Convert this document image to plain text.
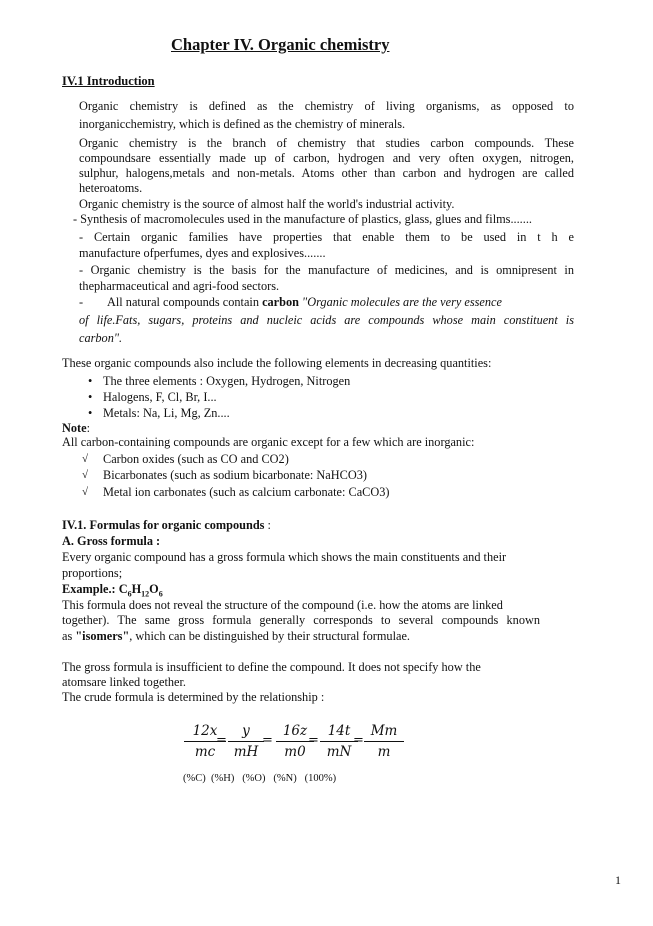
Chapter IV. Organic chemistry
IV.1 Introduction
Organic chemistry is defined as the chemistry of living organisms, as opposed to
inorganicchemistry, which is defined as the chemistry of minerals.
Organic chemistry is the branch of chemistry that studies carbon compounds. These
compoundsare essentially made up of carbon, hydrogen and very often oxygen, nitrogen,
sulphur, halogens,metals and non-metals. Atoms other than carbon and hydrogen are called
heteroatoms.
Organic chemistry is the source of almost half the world's industrial activity.
- Synthesis of macromolecules used in the manufacture of plastics, glass, glues and films.......
- Certain organic families have properties that enable them to be used in t h e
manufacture ofperfumes, dyes and explosives.......
- Organic chemistry is the basis for the manufacture of medicines, and is omnipresent in
thepharmaceutical and agri-food sectors.
-        All natural compounds contain carbon "Organic molecules are the very essence
of life.Fats, sugars, proteins and nucleic acids are compounds whose main constituent is
carbon".
These organic compounds also include the following elements in decreasing quantities:
• The three elements : Oxygen, Hydrogen, Nitrogen
• Halogens, F, Cl, Br, I...
• Metals: Na, Li, Mg, Zn....
Note:
All carbon-containing compounds are organic except for a few which are inorganic:
√ Carbon oxides (such as CO and CO2)
√ Bicarbonates (such as sodium bicarbonate: NaHCO3)
√ Metal ion carbonates (such as calcium carbonate: CaCO3)
IV.1. Formulas for organic compounds :
A. Gross formula :
Every organic compound has a gross formula which shows the main constituents and their
proportions;
Example.: $C_6H_{12}O_6$
This formula does not reveal the structure of the compound (i.e. how the atoms are linked
together). The same gross formula generally corresponds to several compounds known
as "isomers", which can be distinguished by their structural formulae.
The gross formula is insufficient to define the compound. It does not specify how the
atomsare linked together.
The crude formula is determined by the relationship :
12x
mc
=
y
mH
=
16z
m0
=
14t
mN
=
Mm
m
(%C)  (%H)   (%O)   (%N)   (100%)
1
